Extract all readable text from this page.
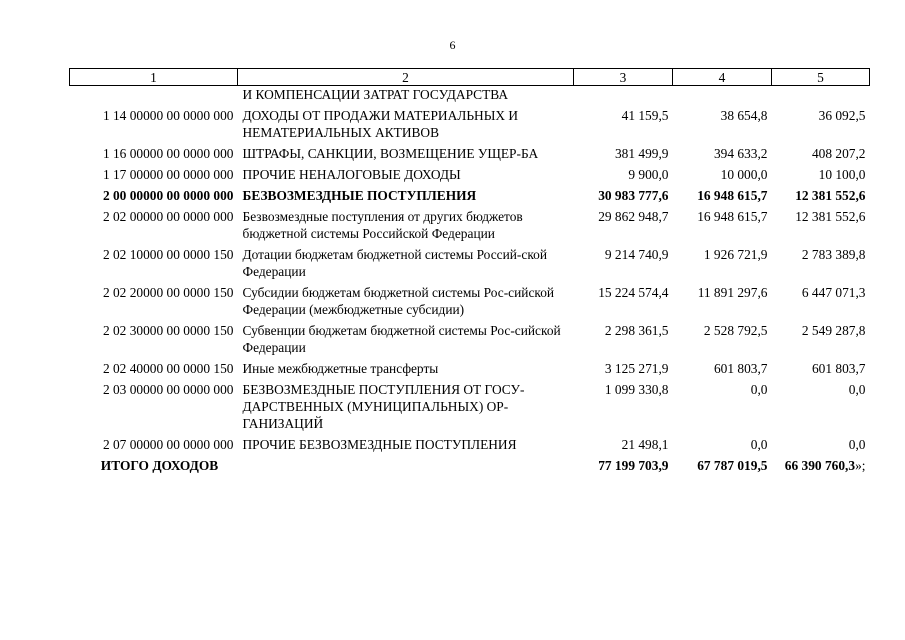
6
1	2	3	4	5
	И КОМПЕНСАЦИИ ЗАТРАТ ГОСУДАРСТВА			
1 14 00000 00 0000 000	ДОХОДЫ ОТ ПРОДАЖИ МАТЕРИАЛЬНЫХ И НЕМАТЕРИАЛЬНЫХ АКТИВОВ	41 159,5	38 654,8	36 092,5
1 16 00000 00 0000 000	ШТРАФЫ, САНКЦИИ, ВОЗМЕЩЕНИЕ УЩЕР-БА	381 499,9	394 633,2	408 207,2
1 17 00000 00 0000 000	ПРОЧИЕ НЕНАЛОГОВЫЕ ДОХОДЫ	9 900,0	10 000,0	10 100,0
2 00 00000 00 0000 000	БЕЗВОЗМЕЗДНЫЕ ПОСТУПЛЕНИЯ	30 983 777,6	16 948 615,7	12 381 552,6
2 02 00000 00 0000 000	Безвозмездные поступления от других бюджетов бюджетной системы Российской Федерации	29 862 948,7	16 948 615,7	12 381 552,6
2 02 10000 00 0000 150	Дотации бюджетам бюджетной системы Россий-ской Федерации	9 214 740,9	1 926 721,9	2 783 389,8
2 02 20000 00 0000 150	Субсидии бюджетам бюджетной системы Рос-сийской Федерации (межбюджетные субсидии)	15 224 574,4	11 891 297,6	6 447 071,3
2 02 30000 00 0000 150	Субвенции бюджетам бюджетной системы Рос-сийской Федерации	2 298 361,5	2 528 792,5	2 549 287,8
2 02 40000 00 0000 150	Иные межбюджетные трансферты	3 125 271,9	601 803,7	601 803,7
2 03 00000 00 0000 000	БЕЗВОЗМЕЗДНЫЕ ПОСТУПЛЕНИЯ ОТ ГОСУ-ДАРСТВЕННЫХ (МУНИЦИПАЛЬНЫХ) ОР-ГАНИЗАЦИЙ	1 099 330,8	0,0	0,0
2 07 00000 00 0000 000	ПРОЧИЕ БЕЗВОЗМЕЗДНЫЕ ПОСТУПЛЕНИЯ	21 498,1	0,0	0,0
ИТОГО ДОХОДОВ		77 199 703,9	67 787 019,5	66 390 760,3»;
